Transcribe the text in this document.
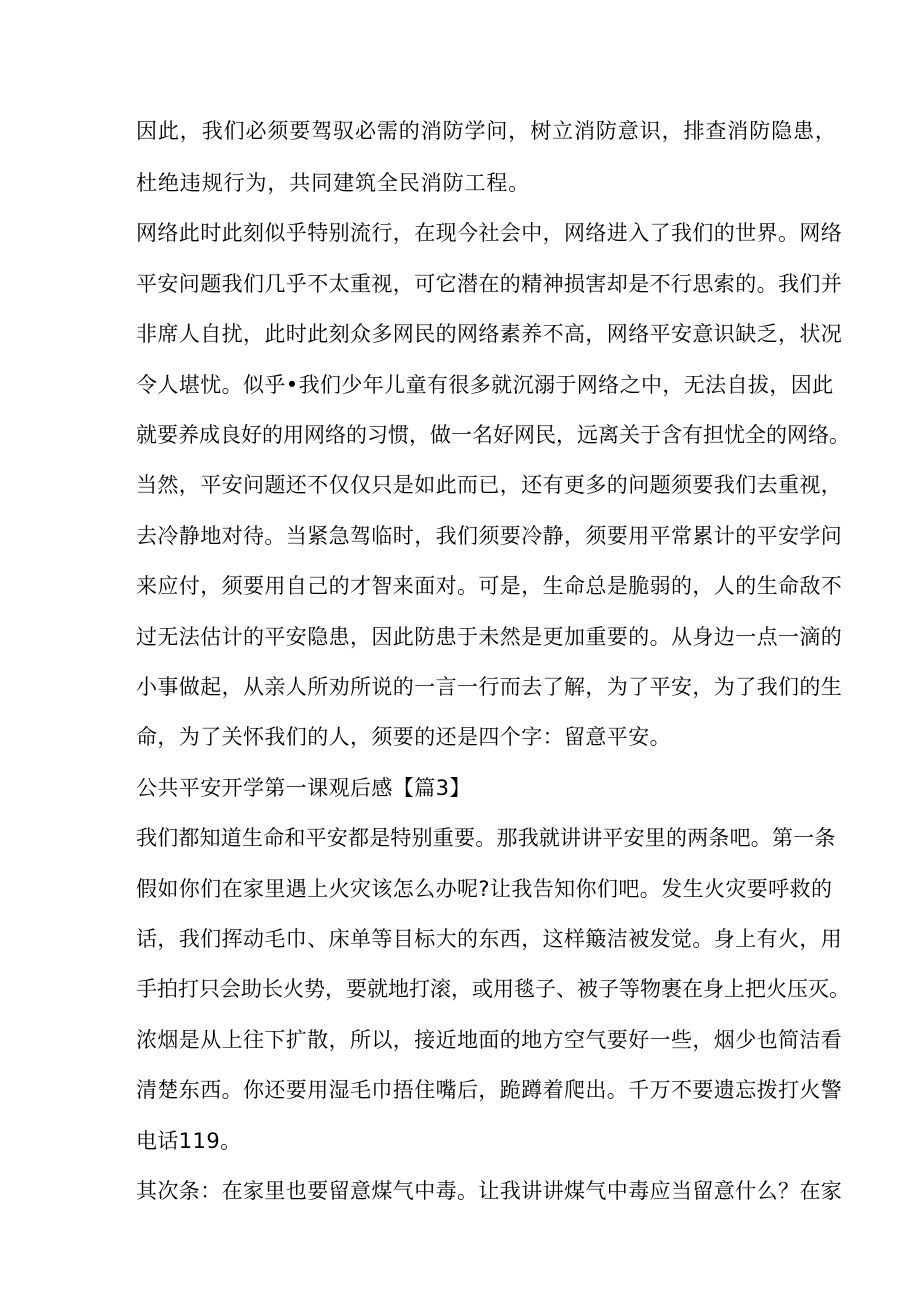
因此，我们必须要驾驭必需的消防学问，树立消防意识，排查消防隐患，
杜绝违规行为，共同建筑全民消防工程。
网络此时此刻似乎特别流行，在现今社会中，网络进入了我们的世界。网络
平安问题我们几乎不太重视，可它潜在的精神损害却是不行思索的。我们并
非席人自扰，此时此刻众多网民的网络素养不高，网络平安意识缺乏，状况
令人堪忧。似乎•我们少年儿童有很多就沉溺于网络之中，无法自拔，因此
就要养成良好的用网络的习惯，做一名好网民，远离关于含有担忧全的网络。
当然，平安问题还不仅仅只是如此而已，还有更多的问题须要我们去重视，
去冷静地对待。当紧急驾临时，我们须要冷静，须要用平常累计的平安学问
来应付，须要用自己的才智来面对。可是，生命总是脆弱的，人的生命敌不
过无法估计的平安隐患，因此防患于未然是更加重要的。从身边一点一滴的
小事做起，从亲人所劝所说的一言一行而去了解，为了平安，为了我们的生
命，为了关怀我们的人，须要的还是四个字：留意平安。
公共平安开学第一课观后感【篇3】
我们都知道生命和平安都是特别重要。那我就讲讲平安里的两条吧。第一条
假如你们在家里遇上火灾该怎么办呢?让我告知你们吧。发生火灾要呼救的
话，我们挥动毛巾、床单等目标大的东西，这样簸洁被发觉。身上有火，用
手拍打只会助长火势，要就地打滚，或用毯子、被子等物裹在身上把火压灭。
浓烟是从上往下扩散，所以，接近地面的地方空气要好一些，烟少也简洁看
清楚东西。你还要用湿毛巾捂住嘴后，跪蹲着爬出。千万不要遗忘拨打火警
电话119。
其次条：在家里也要留意煤气中毒。让我讲讲煤气中毒应当留意什么？在家
